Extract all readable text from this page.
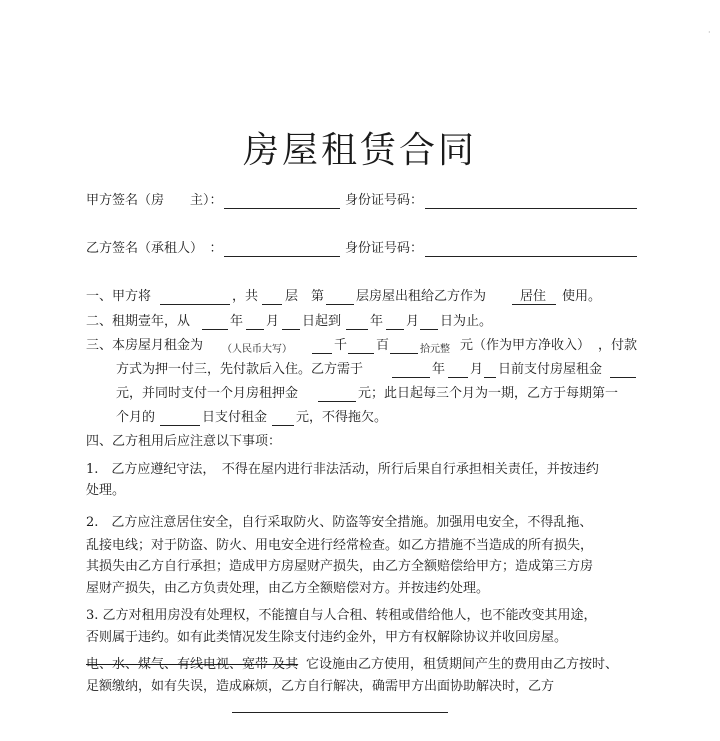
·
房屋租赁合同
甲方签名（房　　主）：	身份证号码：
乙方签名（承租人）　：	身份证号码：
一、甲方将	，共 层　第 层房屋出租给乙方作为	居住 使用。
二、租期壹年，从	年 月 日起到 年 月 日为止。
三、本房屋月租金为 （人民币大写）	千 百	拾元整 元（作为甲方净收入） ，付款
方式为押一付三，先付款后入住。乙方需于	年 月 日前支付房屋租金
元，并同时支付一个月房租押金	元；此日起每三个月为一期，乙方于每期第一
个月的	日支付租金 元，不得拖欠。
四、乙方租用后应注意以下事项：
1.　乙方应遵纪守法，　不得在屋内进行非法活动，所行后果自行承担相关责任，并按违约
处理。
2.　乙方应注意居住安全，自行采取防火、防盗等安全措施。加强用电安全，不得乱拖、
乱接电线；对于防盗、防火、用电安全进行经常检查。如乙方措施不当造成的所有损失，
其损失由乙方自行承担；造成甲方房屋财产损失，由乙方全额赔偿给甲方；造成第三方房
屋财产损失，由乙方负责处理，由乙方全额赔偿对方。并按违约处理。
3. 乙方对租用房没有处理权，不能擅自与人合租、转租或借给他人，也不能改变其用途，
否则属于违约。如有此类情况发生除支付违约金外，甲方有权解除协议并收回房屋。
电、水、煤气、有线电视、宽带 及其 它设施由乙方使用，租赁期间产生的费用由乙方按时、
足额缴纳，如有失误，造成麻烦，乙方自行解决，确需甲方出面协助解决时，乙方
